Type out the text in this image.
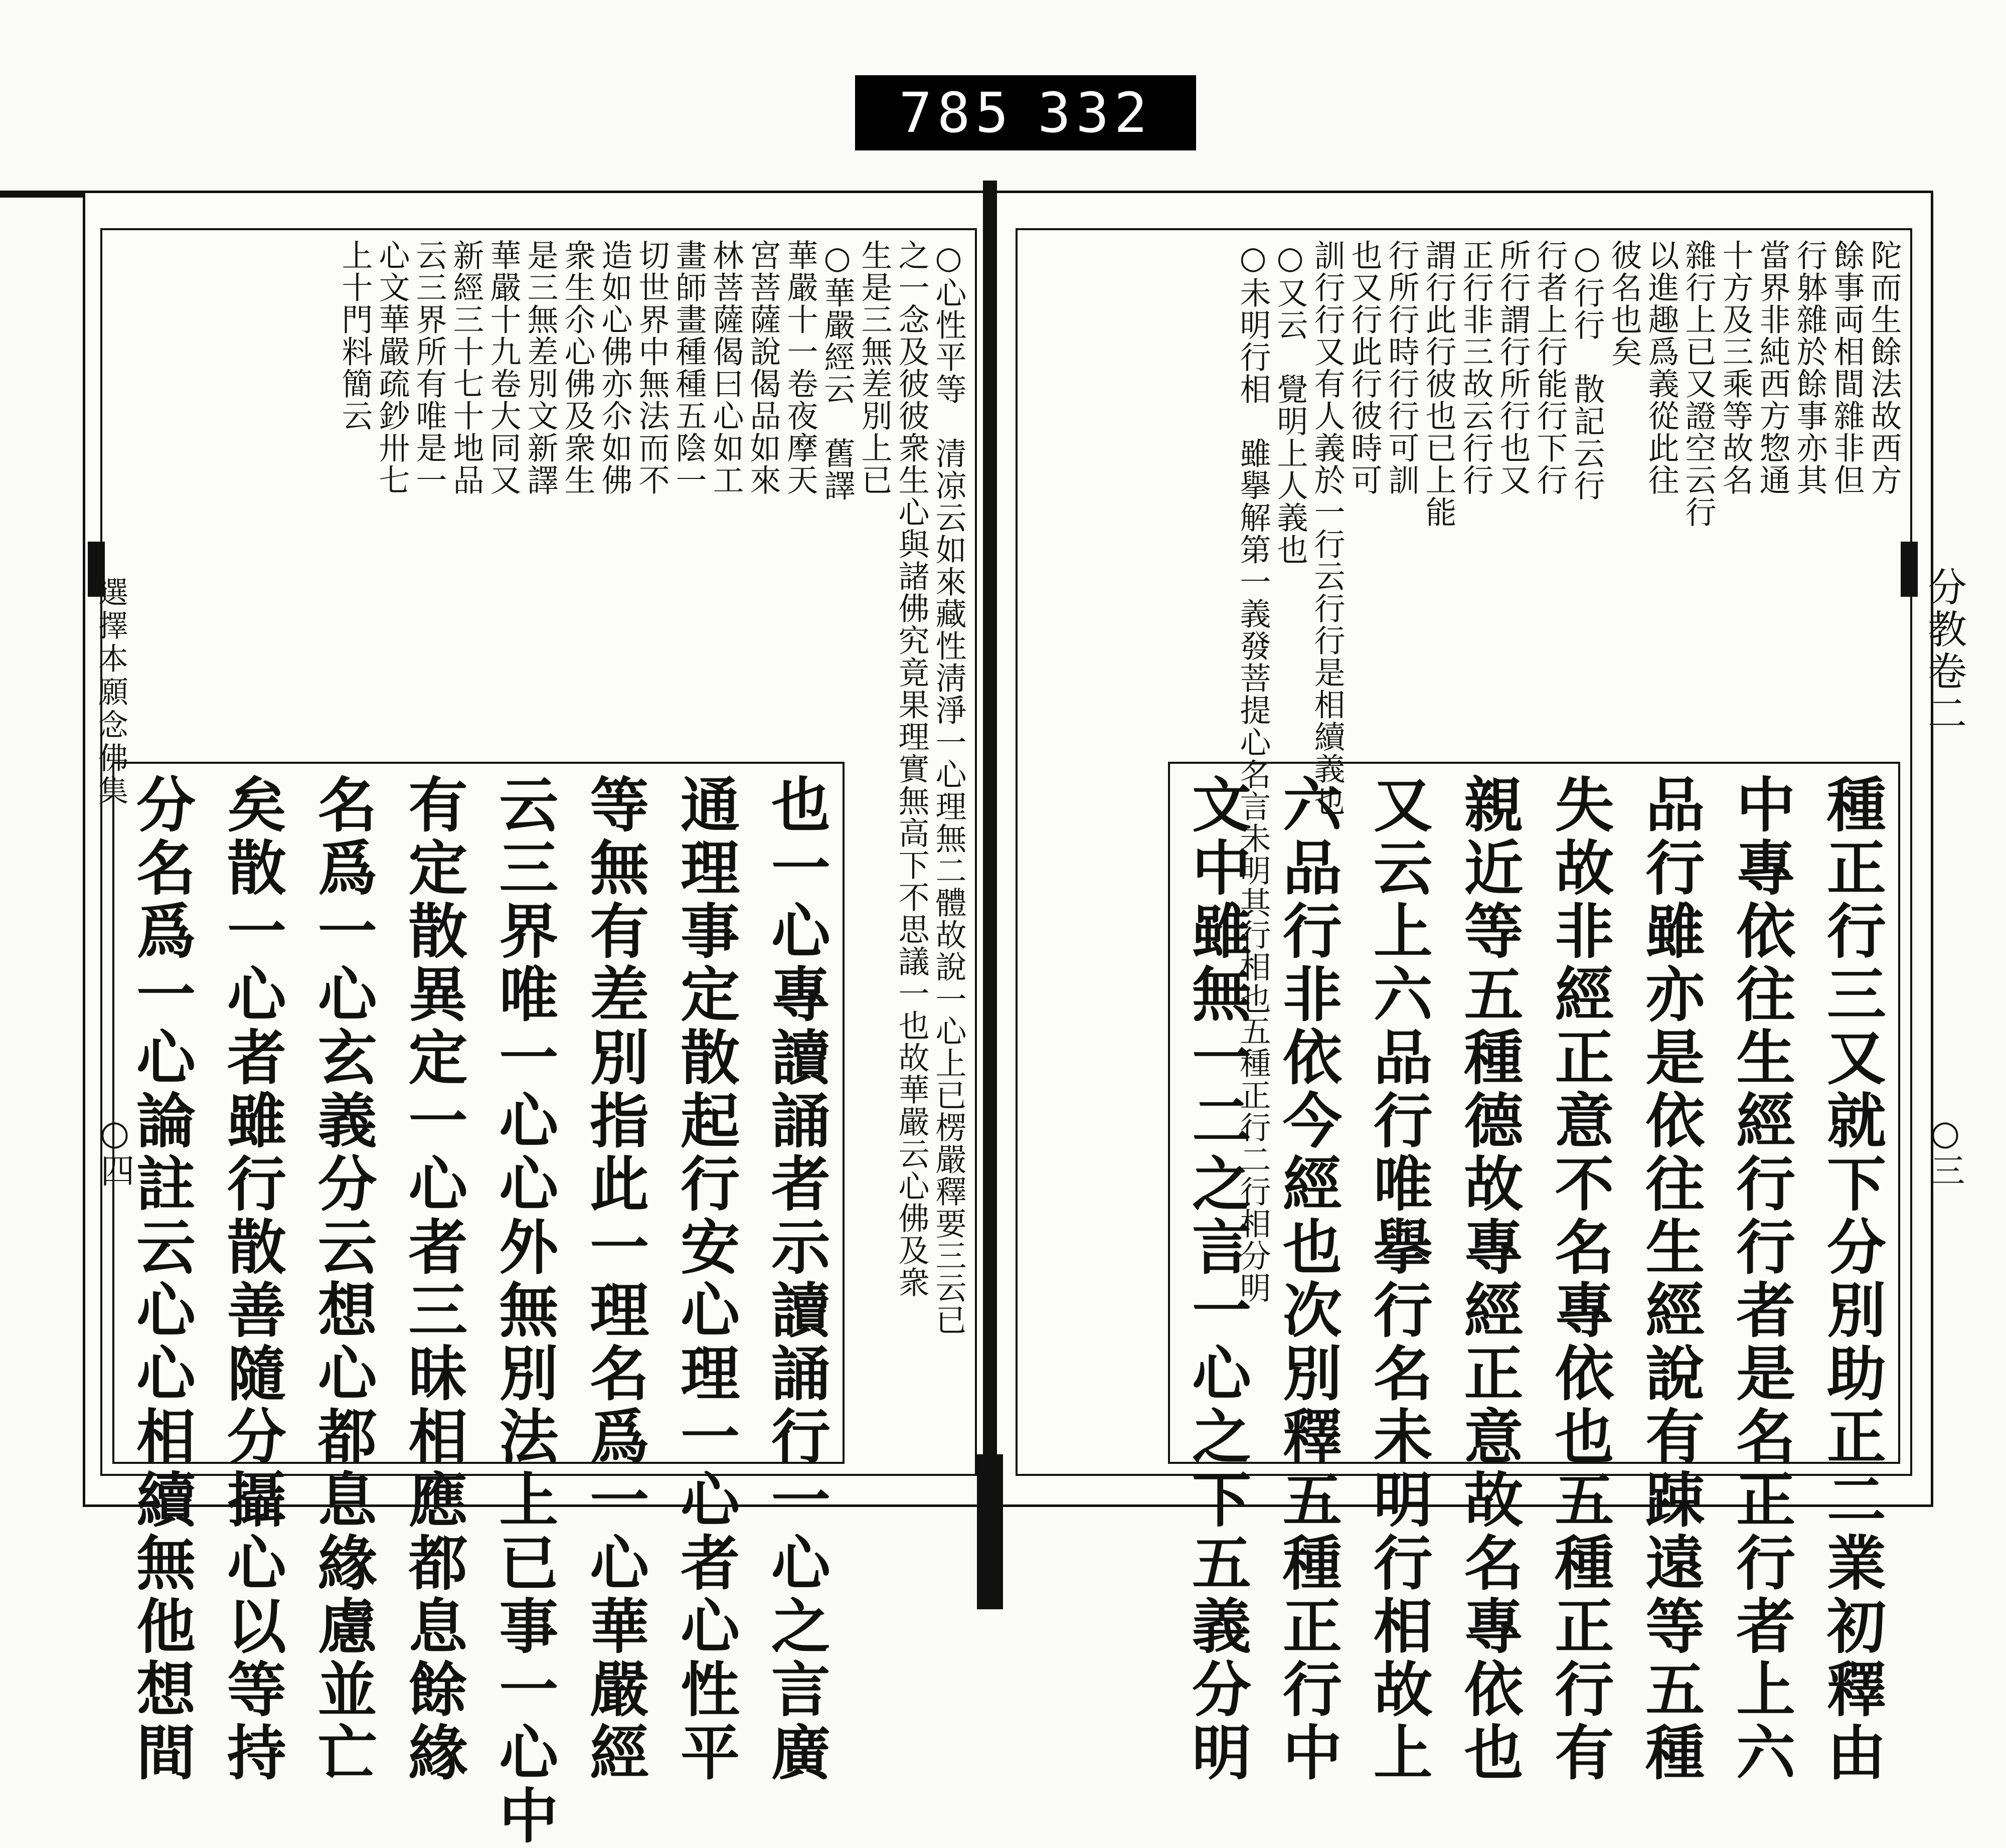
785 332
陀而生餘法故西方
餘事両相間雜非但
行躰雜於餘事亦其
當界非純西方惣通
十方及三乘等故名
雜行上已又證空云行
以進趣爲義從此往
彼名也矣
○行行　散記云行
行者上行能行下行
所行謂行所行也又
正行非三故云行行
謂行此行彼也已上能
行所行時行行可訓
也又行此行彼時可
訓行行又有人義於一行云行行是相續義也
○又云　覺明上人義也
○未明行相　雖擧解第一義發菩提心名言未明其行相也五種正行二行相分明	種正行三又就下分別助正二業初釋由
中專依往生經行行者是名正行者上六
品行雖亦是依往生經說有踈遠等五種
失故非經正意不名專依也五種正行有
親近等五種德故專經正意故名專依也
又云上六品行唯擧行名未明行相故上
六品行非依今經也次別釋五種正行中
文中雖無一二之言一心之下五義分明
分教卷二
○三
○心性平等　清凉云如來藏性淸淨一心理無二體故說一心上已楞嚴釋要三云已
之一念及彼彼衆生心與諸佛究竟果理實無高下不思議一也故華嚴云心佛及衆
生是三無差別上已
○華嚴經云　舊譯
華嚴十一卷夜摩天
宮菩薩說偈品如來
林菩薩偈曰心如工
畫師畫種種五陰一
切世界中無法而不
造如心佛亦尒如佛
衆生尒心佛及衆生
是三無差別文新譯
華嚴十九卷大同又
新經三十七十地品
云三界所有唯是一
心文華嚴疏鈔卅七
上十門料簡云
也一心專讀誦者示讀誦行一心之言廣
通理事定散起行安心理一心者心性平
等無有差別指此一理名爲一心華嚴經
云三界唯一心心外無別法上已事一心中
有定散異定一心者三昧相應都息餘緣
名爲一心玄義分云想心都息緣慮並亡
矣散一心者雖行散善隨分攝心以等持
分名爲一心論註云心心相續無他想間
選擇本願念佛集
○四
